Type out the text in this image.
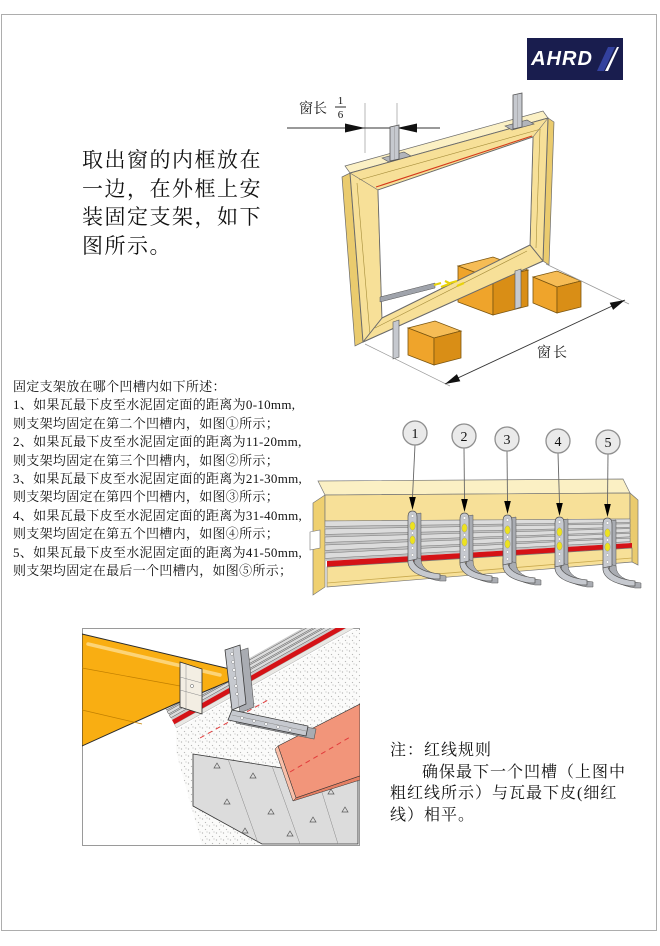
AHRD
取出窗的内框放在
一边，在外框上安
装固定支架，如下
图所示。
窗长
1
6
窗长
固定支架放在哪个凹槽内如下所述：
1、如果瓦最下皮至水泥固定面的距离为0-10mm,
则支架均固定在第二个凹槽内，如图①所示；
2、如果瓦最下皮至水泥固定面的距离为11-20mm,
则支架均固定在第三个凹槽内，如图②所示；
3、如果瓦最下皮至水泥固定面的距离为21-30mm,
则支架均固定在第四个凹槽内，如图③所示；
4、如果瓦最下皮至水泥固定面的距离为31-40mm,
则支架均固定在第五个凹槽内，如图④所示；
5、如果瓦最下皮至水泥固定面的距离为41-50mm,
则支架均固定在最后一个凹槽内，如图⑤所示；
1	2	3	4	5
注：红线规则
确保最下一个凹槽（上图中
粗红线所示）与瓦最下皮(细红
线）相平。
